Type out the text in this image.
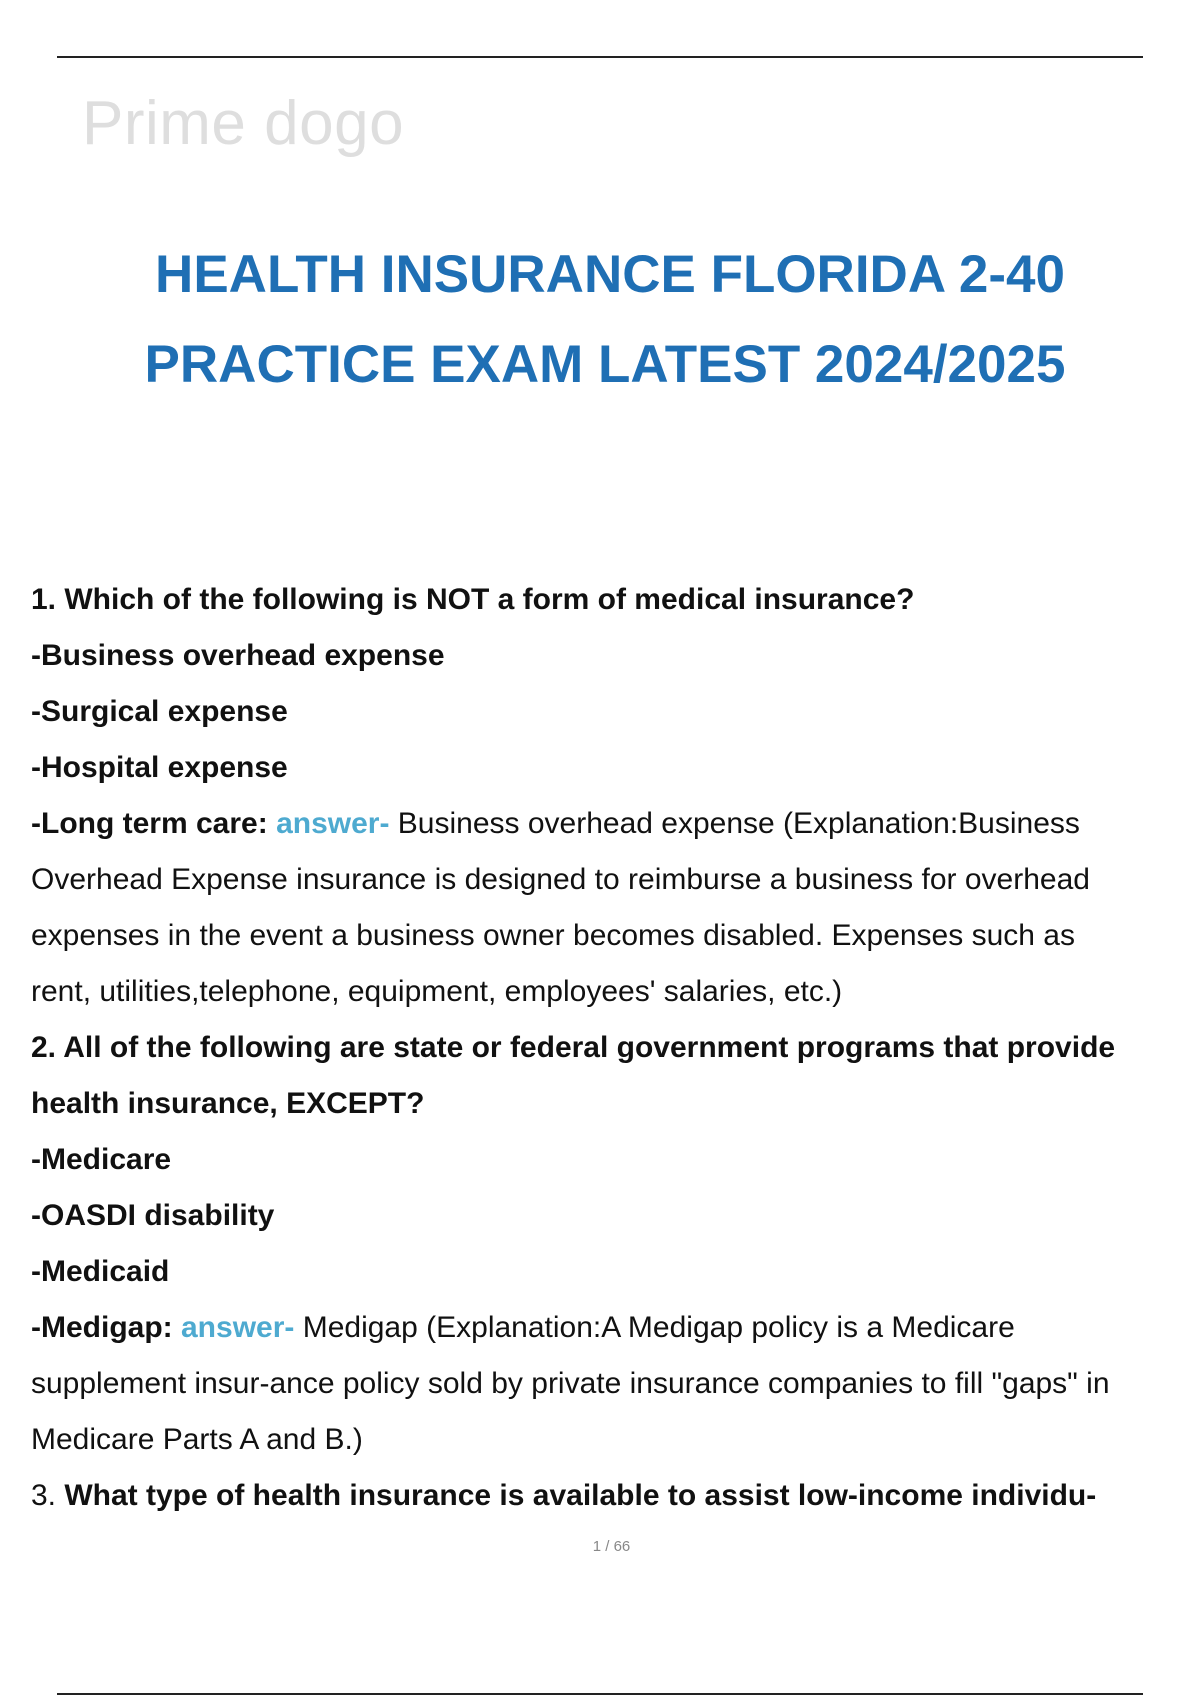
Prime dogo
HEALTH INSURANCE FLORIDA 2-40
PRACTICE EXAM LATEST 2024/2025
1. Which of the following is NOT a form of medical insurance?
-Business overhead expense
-Surgical expense
-Hospital expense
-Long term care: answer- Business overhead expense (Explanation:Business
Overhead Expense insurance is designed to reimburse a business for overhead
expenses in the event a business owner becomes disabled. Expenses such as
rent, utilities,telephone, equipment, employees' salaries, etc.)
2. All of the following are state or federal government programs that provide
health insurance, EXCEPT?
-Medicare
-OASDI disability
-Medicaid
-Medigap: answer- Medigap (Explanation:A Medigap policy is a Medicare
supplement insur-ance policy sold by private insurance companies to fill "gaps" in
Medicare Parts A and B.)
3. What type of health insurance is available to assist low-income individu-
1 / 66
